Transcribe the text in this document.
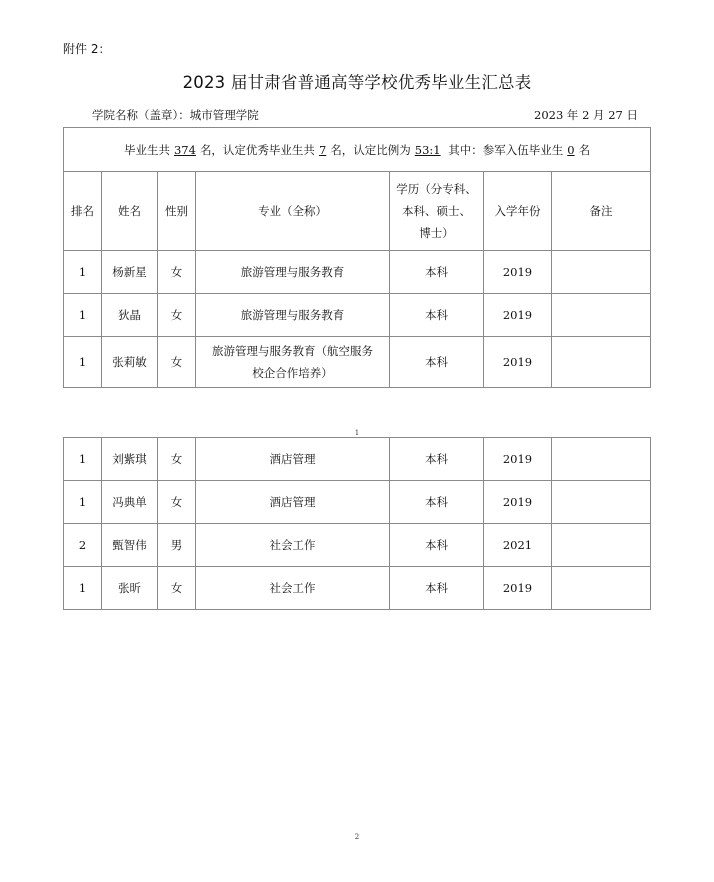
附件 2：
2023 届甘肃省普通高等学校优秀毕业生汇总表
学院名称（盖章）：城市管理学院	2023 年 2 月 27 日
毕业生共 374 名，认定优秀毕业生共 7 名，认定比例为 53:1 其中：参军入伍毕业生 0 名						
排名	姓名	性别	专业（全称）	学历（分专科、
本科、硕士、
博士）	入学年份	备注
1	杨新星	女	旅游管理与服务教育	本科	2019	
1	狄晶	女	旅游管理与服务教育	本科	2019	
1	张莉敏	女	旅游管理与服务教育（航空服务
校企合作培养）	本科	2019	
1
1	刘紫琪	女	酒店管理	本科	2019	
1	冯典单	女	酒店管理	本科	2019	
2	甄智伟	男	社会工作	本科	2021	
1	张昕	女	社会工作	本科	2019	
2
